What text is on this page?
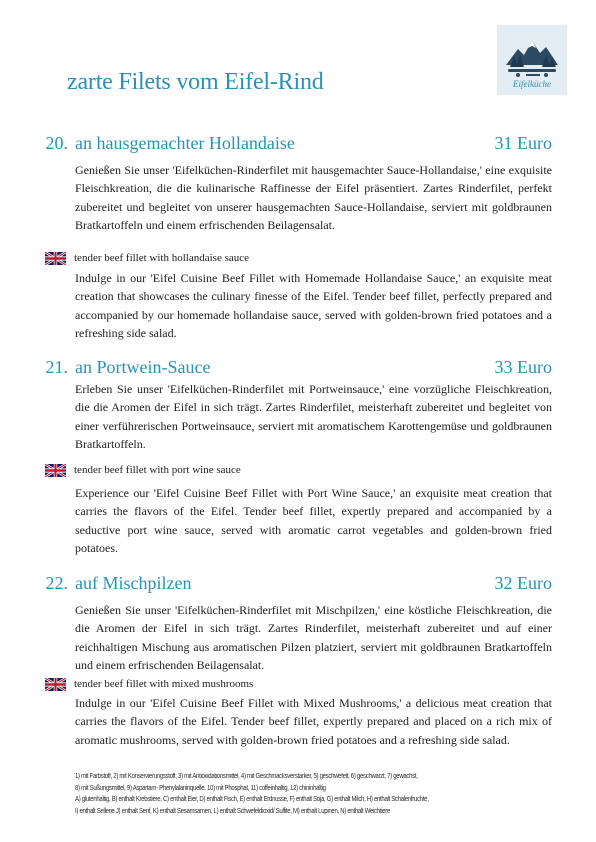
Eifelküche
zarte Filets vom Eifel-Rind
20. an hausgemachter Hollandaise	31 Euro

Genießen Sie unser 'Eifelküchen-Rinderfilet mit hausgemachter Sauce-Hollandaise,' eine exquisite Fleischkreation, die die kulinarische Raffinesse der Eifel präsentiert. Zartes Rinderfilet, perfekt zubereitet und begleitet von unserer hausgemachten Sauce-Hollandaise, serviert mit goldbraunen Bratkartoffeln und einem erfrischenden Beilagensalat.

tender beef fillet with hollandaise sauce

Indulge in our 'Eifel Cuisine Beef Fillet with Homemade Hollandaise Sauce,' an exquisite meat creation that showcases the culinary finesse of the Eifel. Tender beef fillet, perfectly prepared and accompanied by our homemade hollandaise sauce, served with golden-brown fried potatoes and a refreshing side salad.

21. an Portwein-Sauce	33 Euro

Erleben Sie unser 'Eifelküchen-Rinderfilet mit Portweinsauce,' eine vorzügliche Fleischkreation, die die Aromen der Eifel in sich trägt. Zartes Rinderfilet, meisterhaft zubereitet und begleitet von einer verführerischen Portweinsauce, serviert mit aromatischem Karottengemüse und goldbraunen Bratkartoffeln.

tender beef fillet with port wine sauce

Experience our 'Eifel Cuisine Beef Fillet with Port Wine Sauce,' an exquisite meat creation that carries the flavors of the Eifel. Tender beef fillet, expertly prepared and accompanied by a seductive port wine sauce, served with aromatic carrot vegetables and golden-brown fried potatoes.

22. auf Mischpilzen	32 Euro

Genießen Sie unser 'Eifelküchen-Rinderfilet mit Mischpilzen,' eine köstliche Fleischkreation, die die Aromen der Eifel in sich trägt. Zartes Rinderfilet, meisterhaft zubereitet und auf einer reichhaltigen Mischung aus aromatischen Pilzen platziert, serviert mit goldbraunen Bratkartoffeln und einem erfrischenden Beilagensalat.

tender beef fillet with mixed mushrooms

Indulge in our 'Eifel Cuisine Beef Fillet with Mixed Mushrooms,' a delicious meat creation that carries the flavors of the Eifel. Tender beef fillet, expertly prepared and placed on a rich mix of aromatic mushrooms, served with golden-brown fried potatoes and a refreshing side salad.

1) mit Farbstoff, 2) mit Konservierungsstoff, 3) mit Antioxidationsmittel, 4) mit Geschmacksverstarker, 5) geschwefelt, 6) geschwarzt, 7) gewachst,
8) mit Sußungsmittel, 9) Aspartam- Phenylalaninquelle, 10) mit Phosphat, 11) coffeinhaltig, 12) chininhaltig
A) glutenhaltig, B) enthalt Krebstiere, C) enthalt Eier, D) enthalt Fisch, E) enthalt Erdnusse, F) enthalt Soja, G) enthalt Milch, H) enthalt Schalenfruchte,
I) enthalt Sellerie J) enthalt Senf, K) enthalt Sesamsamen, L) enthalt Schwefeldioxid/ Sulfite, M) enthalt Lupinen, N) enthalt Weichtiere
